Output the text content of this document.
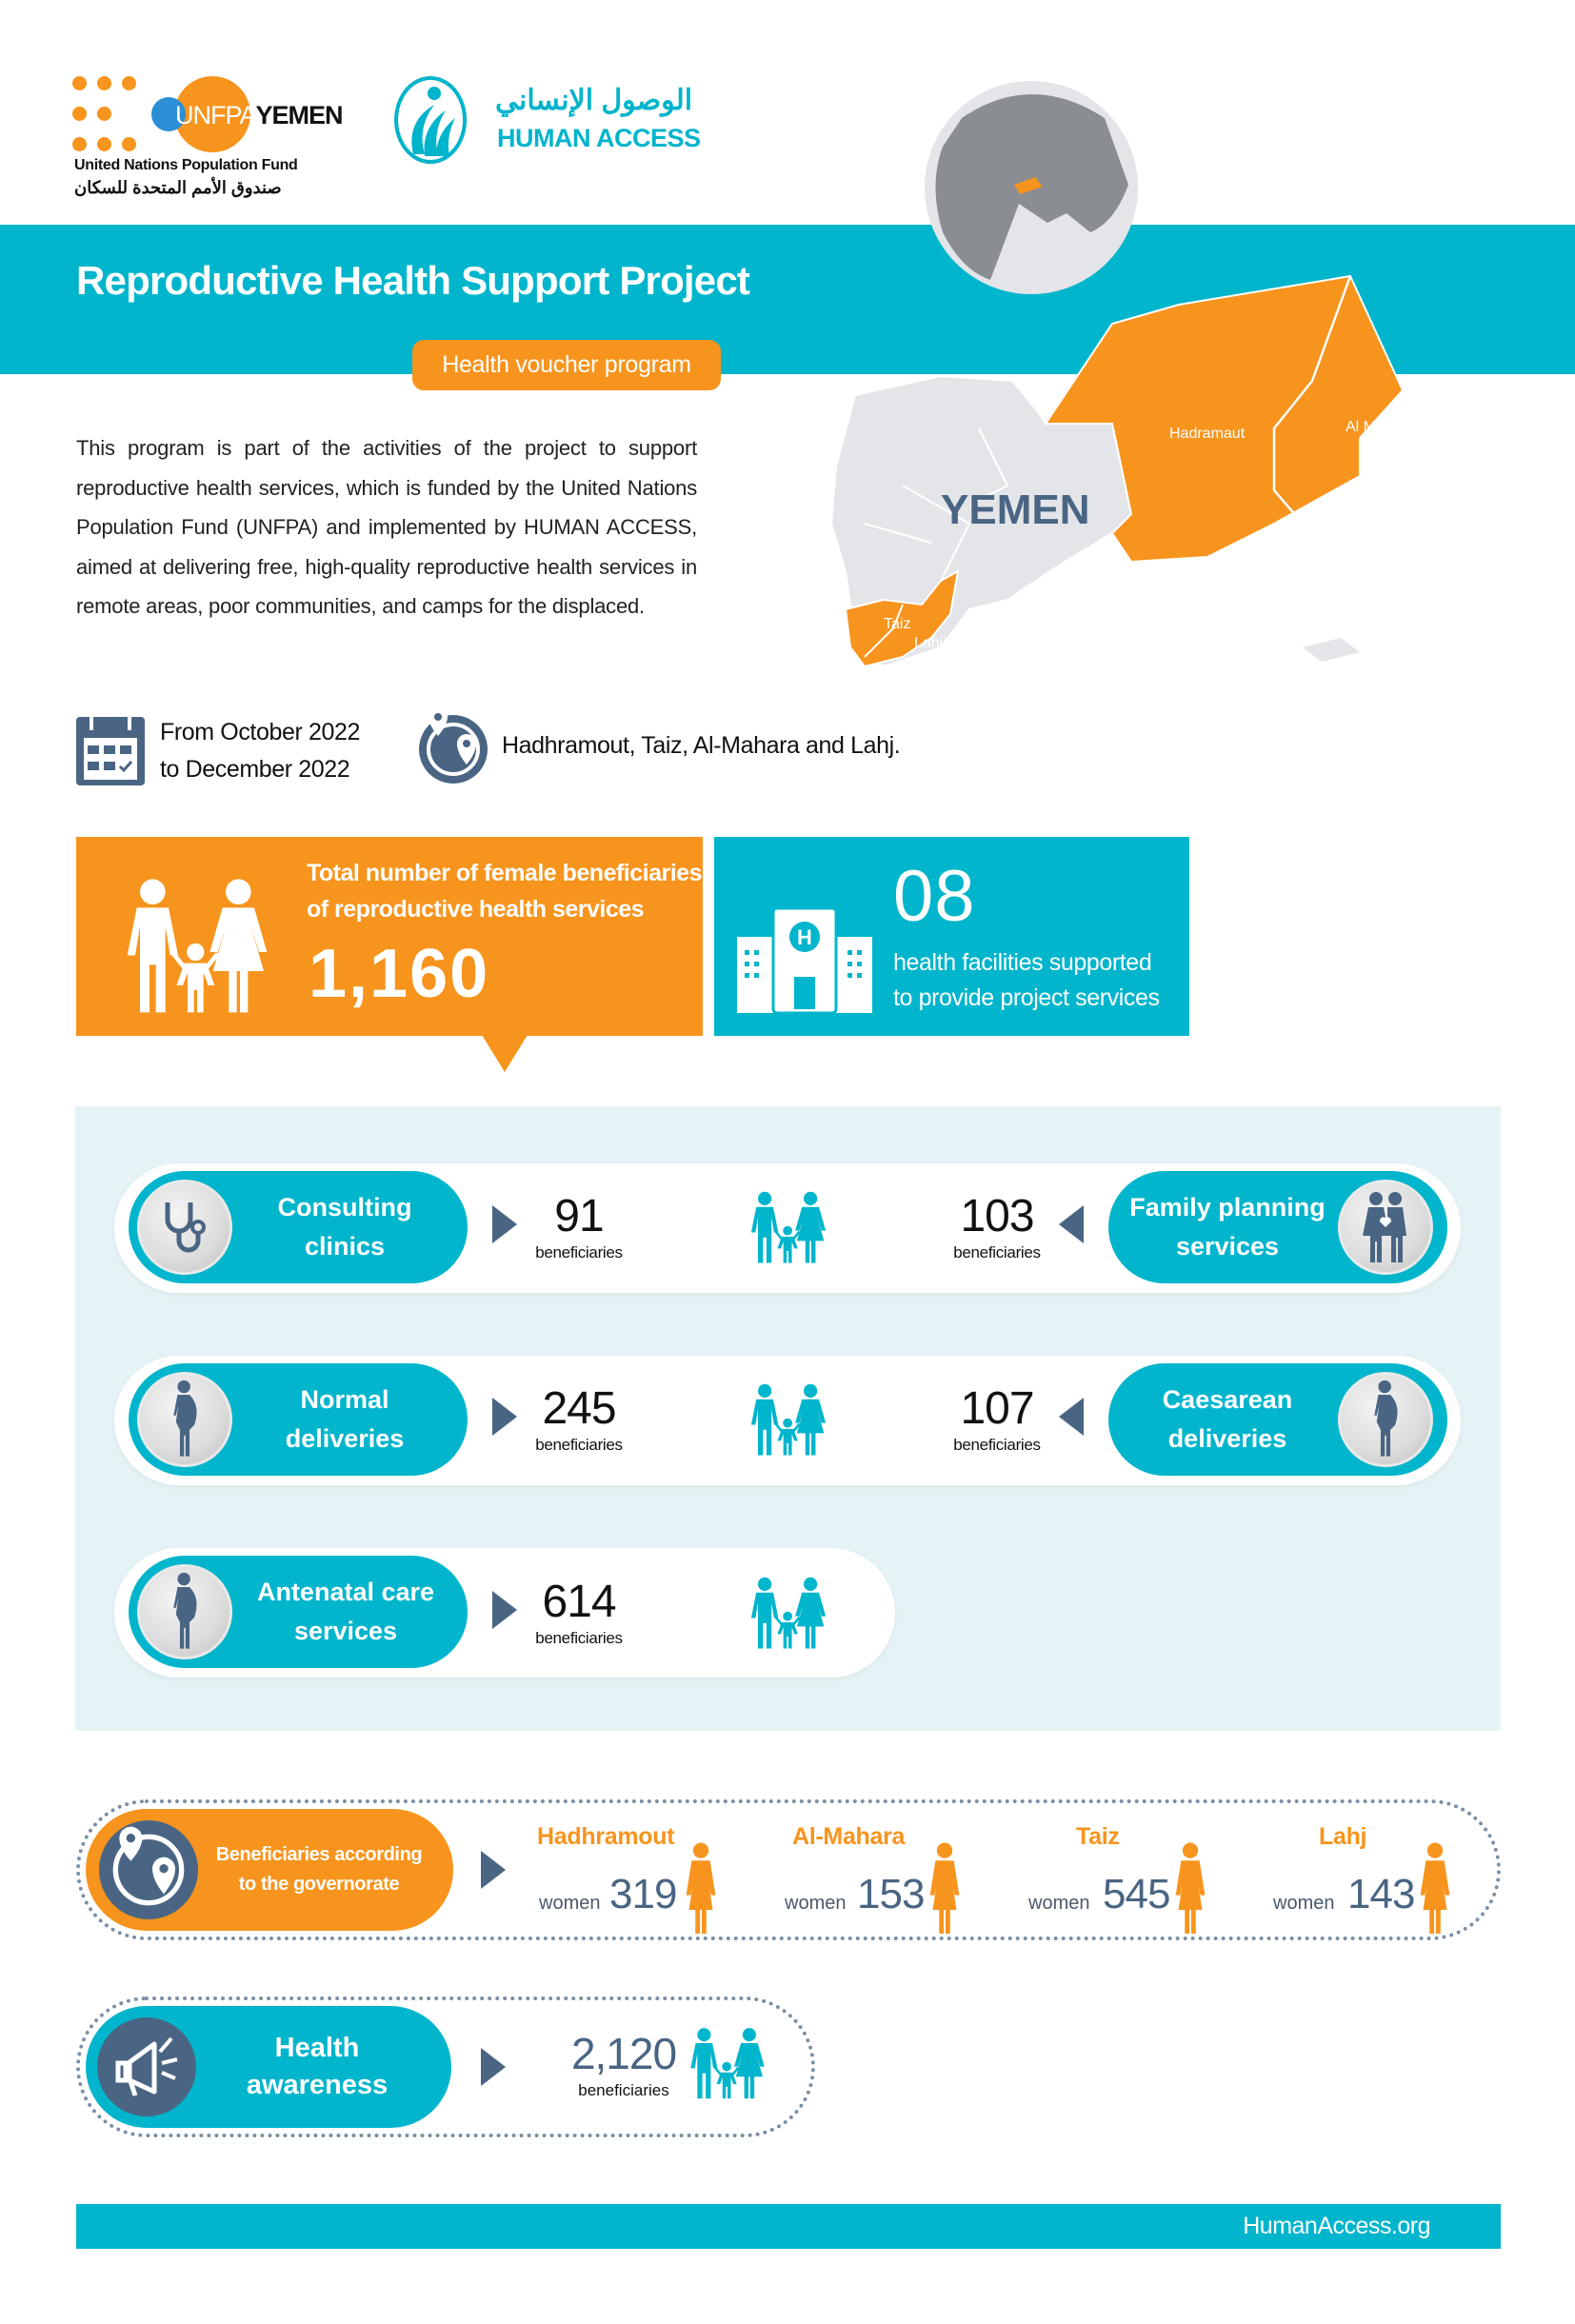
UNFPAYEMEN
United Nations Population Fund
صندوق الأمم المتحدة للسكان
الوصول الإنساني
HUMAN ACCESS
Reproductive Health Support Project
Health voucher program
YEMEN
Hadramaut	Al Mahrah
Taiz
Lahij

This program is part of the activities of the project to support reproductive health services, which is funded by the United Nations Population Fund (UNFPA) and implemented by HUMAN ACCESS, aimed at delivering free, high-quality reproductive health services in remote areas, poor communities, and camps for the displaced.

From October 2022
to December 2022
Hadhramout, Taiz, Al-Mahara and Lahj.
Total number of female beneficiaries
of reproductive health services
1,160	H
08
health facilities supported
to provide project services
Consulting
clinics
91
beneficiaries
103
beneficiaries
Family planning
services
Normal
deliveries
245
beneficiaries
107
beneficiaries
Caesarean
deliveries
Antenatal care
services
614
beneficiaries
Beneficiaries according
to the governorate
Hadhramout
women 319
Al-Mahara
women 153
Taiz
women 545
Lahj
women 143
Health
awareness
2,120
beneficiaries
HumanAccess.org
